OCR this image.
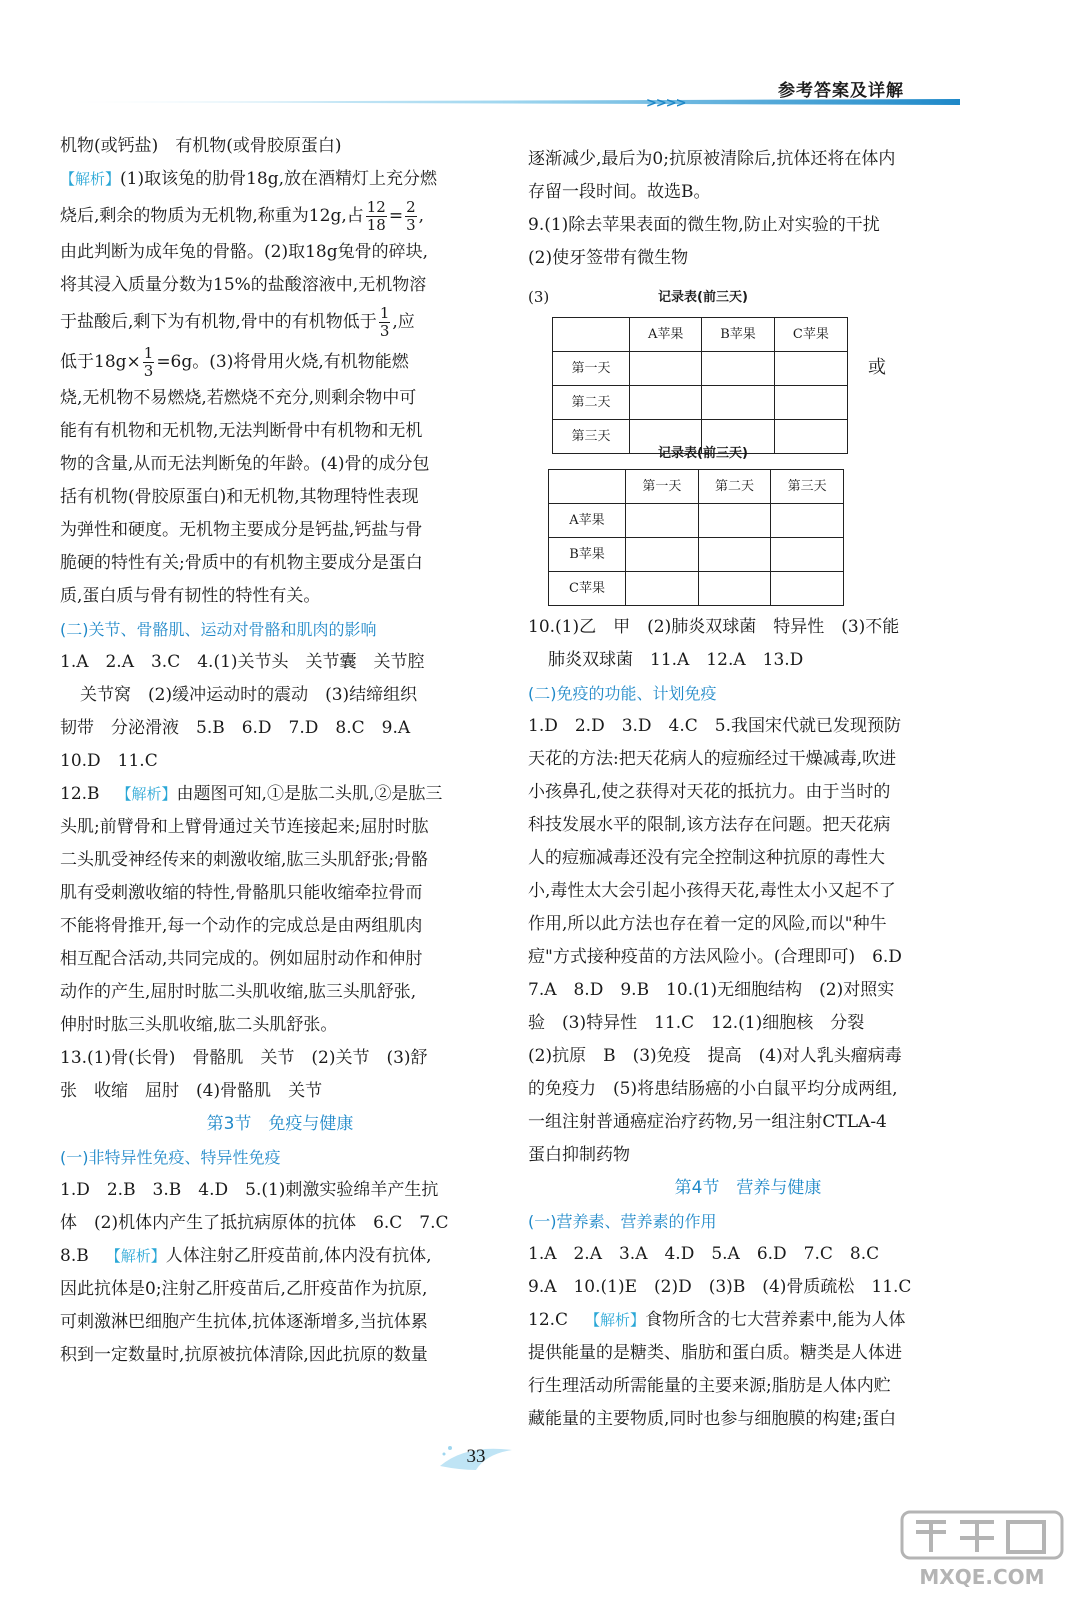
>>>>
参考答案及详解

机物(或钙盐)　有机物(或骨胶原蛋白)

【解析】(1)取该兔的肋骨18g,放在酒精灯上充分燃

烧后,剩余的物质为无机物,称重为12g,占 $\frac{12}{18} = \frac{2}{3}$ ,

由此判断为成年兔的骨骼。(2)取18g兔骨的碎块,

将其浸入质量分数为15%的盐酸溶液中,无机物溶

于盐酸后,剩下为有机物,骨中的有机物低于 $\frac{1}{3}$ ,应

低于$18g\times \frac{1}{3} =6g$。(3)将骨用火烧,有机物能燃

烧,无机物不易燃烧,若燃烧不充分,则剩余物中可

能有有机物和无机物,无法判断骨中有机物和无机

物的含量,从而无法判断兔的年龄。(4)骨的成分包

括有机物(骨胶原蛋白)和无机物,其物理特性表现

为弹性和硬度。无机物主要成分是钙盐,钙盐与骨

脆硬的特性有关;骨质中的有机物主要成分是蛋白

质,蛋白质与骨有韧性的特性有关。

(二)关节、骨骼肌、运动对骨骼和肌肉的影响

1.A　2.A　3.C　4.(1)关节头　关节囊　关节腔

关节窝　(2)缓冲运动时的震动　(3)结缔组织

韧带　分泌滑液　5.B　6.D　7.D　8.C　9.A

10.D　11.C

12.B　【解析】由题图可知,①是肱二头肌,②是肱三

头肌;前臂骨和上臂骨通过关节连接起来;屈肘时肱

二头肌受神经传来的刺激收缩,肱三头肌舒张;骨骼

肌有受刺激收缩的特性,骨骼肌只能收缩牵拉骨而

不能将骨推开,每一个动作的完成总是由两组肌肉

相互配合活动,共同完成的。例如屈肘动作和伸肘

动作的产生,屈肘时肱二头肌收缩,肱三头肌舒张,

伸肘时肱三头肌收缩,肱二头肌舒张。

13.(1)骨(长骨)　骨骼肌　关节　(2)关节　(3)舒

张　收缩　屈肘　(4)骨骼肌　关节

第3节　免疫与健康

(一)非特异性免疫、特异性免疫

1.D　2.B　3.B　4.D　5.(1)刺激实验绵羊产生抗

体　(2)机体内产生了抵抗病原体的抗体　6.C　7.C

8.B　【解析】人体注射乙肝疫苗前,体内没有抗体,

因此抗体是0;注射乙肝疫苗后,乙肝疫苗作为抗原,

可刺激淋巴细胞产生抗体,抗体逐渐增多,当抗体累

积到一定数量时,抗原被抗体清除,因此抗原的数量

逐渐减少,最后为0;抗原被清除后,抗体还将在体内

存留一段时间。故选B。

9.(1)除去苹果表面的微生物,防止对实验的干扰

(2)使牙签带有微生物

(3)	记录表(前三天)
	A苹果	B苹果	C苹果
第一天			
第二天			
第三天			
或
记录表(前三天)
	第一天	第二天	第三天
A苹果			
B苹果			
C苹果			

10.(1)乙　甲　(2)肺炎双球菌　特异性　(3)不能

肺炎双球菌　11.A　12.A　13.D

(二)免疫的功能、计划免疫

1.D　2.D　3.D　4.C　5.我国宋代就已发现预防

天花的方法:把天花病人的痘痂经过干燥减毒,吹进

小孩鼻孔,使之获得对天花的抵抗力。由于当时的

科技发展水平的限制,该方法存在问题。把天花病

人的痘痂减毒还没有完全控制这种抗原的毒性大

小,毒性太大会引起小孩得天花,毒性太小又起不了

作用,所以此方法也存在着一定的风险,而以"种牛

痘"方式接种疫苗的方法风险小。(合理即可)　6.D

7.A　8.D　9.B　10.(1)无细胞结构　(2)对照实

验　(3)特异性　11.C　12.(1)细胞核　分裂

(2)抗原　B　(3)免疫　提高　(4)对人乳头瘤病毒

的免疫力　(5)将患结肠癌的小白鼠平均分成两组,

一组注射普通癌症治疗药物,另一组注射CTLA-4

蛋白抑制药物

第4节　营养与健康

(一)营养素、营养素的作用

1.A　2.A　3.A　4.D　5.A　6.D　7.C　8.C

9.A　10.(1)E　(2)D　(3)B　(4)骨质疏松　11.C

12.C　【解析】食物所含的七大营养素中,能为人体

提供能量的是糖类、脂肪和蛋白质。糖类是人体进

行生理活动所需能量的主要来源;脂肪是人体内贮

藏能量的主要物质,同时也参与细胞膜的构建;蛋白

33
MXQE.COM
